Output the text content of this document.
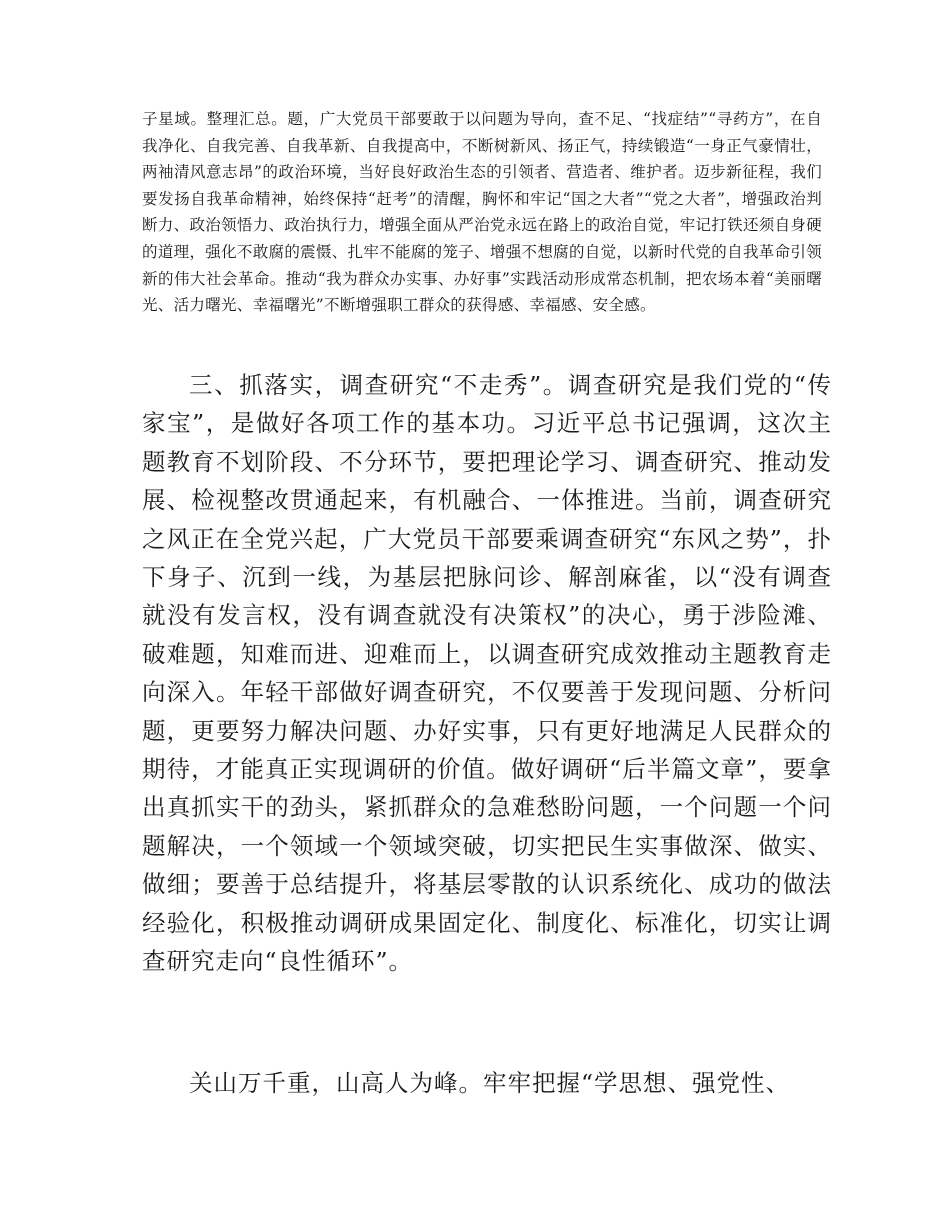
子星域。整理汇总。题，广大党员干部要敢于以问题为导向，查不足、“找症结”“寻药方”，在自我净化、自我完善、自我革新、自我提高中，不断树新风、扬正气，持续锻造“一身正气豪情壮，两袖清风意志昂”的政治环境，当好良好政治生态的引领者、营造者、维护者。迈步新征程，我们要发扬自我革命精神，始终保持“赶考”的清醒，胸怀和牢记“国之大者”“党之大者”，增强政治判断力、政治领悟力、政治执行力，增强全面从严治党永远在路上的政治自觉，牢记打铁还须自身硬的道理，强化不敢腐的震慑、扎牢不能腐的笼子、增强不想腐的自觉，以新时代党的自我革命引领新的伟大社会革命。推动“我为群众办实事、办好事”实践活动形成常态机制，把农场本着“美丽曙光、活力曙光、幸福曙光”不断增强职工群众的获得感、幸福感、安全感。

三、抓落实，调查研究“不走秀”。调查研究是我们党的“传家宝”，是做好各项工作的基本功。习近平总书记强调，这次主题教育不划阶段、不分环节，要把理论学习、调查研究、推动发展、检视整改贯通起来，有机融合、一体推进。当前，调查研究之风正在全党兴起，广大党员干部要乘调查研究“东风之势”，扑下身子、沉到一线，为基层把脉问诊、解剖麻雀，以“没有调查就没有发言权，没有调查就没有决策权”的决心，勇于涉险滩、破难题，知难而进、迎难而上，以调查研究成效推动主题教育走向深入。年轻干部做好调查研究，不仅要善于发现问题、分析问题，更要努力解决问题、办好实事，只有更好地满足人民群众的期待，才能真正实现调研的价值。做好调研“后半篇文章”，要拿出真抓实干的劲头，紧抓群众的急难愁盼问题，一个问题一个问题解决，一个领域一个领域突破，切实把民生实事做深、做实、做细；要善于总结提升，将基层零散的认识系统化、成功的做法经验化，积极推动调研成果固定化、制度化、标准化，切实让调查研究走向“良性循环”。

关山万千重，山高人为峰。牢牢把握“学思想、强党性、
